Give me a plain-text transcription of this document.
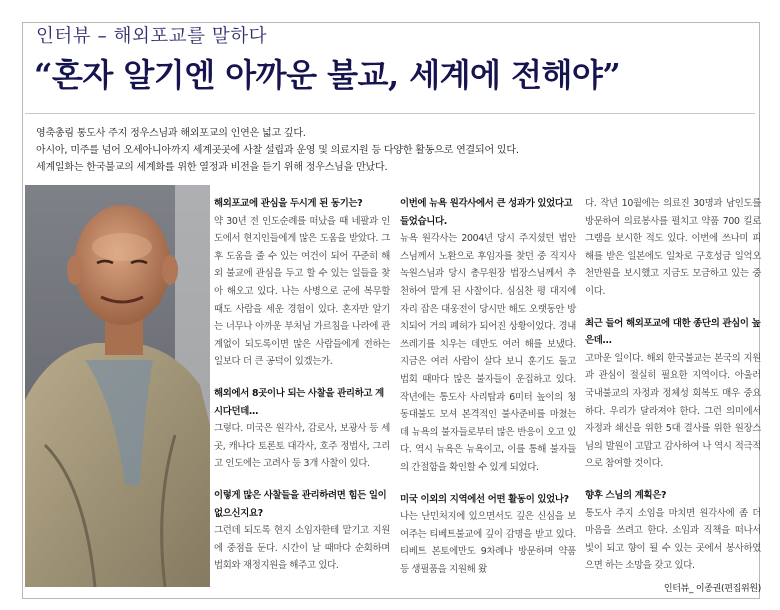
인터뷰 – 해외포교를 말하다
“혼자 알기엔 아까운 불교, 세계에 전해야”
영축총림 통도사 주지 정우스님과 해외포교의 인연은 넓고 깊다.
아시아, 미주를 넘어 오세아니아까지 세계곳곳에 사찰 설립과 운영 및 의료지원 등 다양한 활동으로 연결되어 있다.
세계일화는 한국불교의 세계화를 위한 열정과 비전을 듣기 위해 정우스님을 만났다.
해외포교에 관심을 두시게 된 동기는?
약 30년 전 인도순례를 떠났을 때 네팔과 인도에서 현지인들에게 많은 도움을 받았다. 그 후 도움을 줄 수 있는 여건이 되어 꾸준히 해외 불교에 관심을 두고 할 수 있는 일들을 찾아 해오고 있다. 나는 사병으로 군에 복무할 때도 사람을 세운 경험이 있다. 혼자만 알기는 너무나 아까운 부처님 가르침을 나라에 관계없이 되도록이면 많은 사람들에게 전하는 일보다 더 큰 공덕이 있겠는가.
해외에서 8곳이나 되는 사찰을 관리하고 계시다던데…
그렇다. 미국은 원각사, 감로사, 보광사 등 세 곳, 캐나다 토론토 대각사, 호주 정법사, 그리고 인도에는 고려사 등 3개 사찰이 있다.
이렇게 많은 사찰들을 관리하려면 힘든 일이 없으신지요?
그런데 되도록 현지 소임자한테 맡기고 지원에 중점을 둔다. 시간이 날 때마다 순회하며 법회와 재정지원을 해주고 있다.
이번에 뉴욕 원각사에서 큰 성과가 있었다고 들었습니다.
뉴욕 원각사는 2004년 당시 주지셨던 법안스님께서 노환으로 후임자를 찾던 중 직지사 녹원스님과 당시 총무원장 법장스님께서 추천하여 맡게 된 사찰이다. 심심찬 평 대지에 자리 잡은 대웅전이 당시만 해도 오랫동안 방치되어 거의 폐허가 되어진 상황이었다. 경내 쓰레기를 치우는 데만도 여러 해를 보냈다. 지금은 여러 사람이 살다 보니 훈기도 돌고 법회 때마다 많은 불자들이 운집하고 있다. 작년에는 통도사 사리탑과 6미터 높이의 청동대불도 모셔 본격적인 불사준비를 마쳤는데 뉴욕의 불자들로부터 많은 반응이 오고 있다. 역시 뉴욕은 뉴욕이고, 이를 통해 불자들의 간절함을 확인할 수 있게 되었다.
미국 이외의 지역에선 어떤 활동이 있었나?
나는 난민처지에 있으면서도 깊은 신심을 보여주는 티베트불교에 깊이 감명을 받고 있다. 티베트 본토에만도 9차례나 방문하며 약품 등 생필품을 지원해 왔
다. 작년 10월에는 의료진 30명과 남인도를 방문하여 의료봉사를 펼치고 약품 700 킬로그램을 보시한 적도 있다. 이번에 쓰나미 피해를 받은 일본에도 일차로 구호성금 일억오천만원을 보시했고 지금도 모금하고 있는 중이다.
최근 들어 해외포교에 대한 종단의 관심이 높은데…
고마운 일이다. 해외 한국불교는 본국의 지원과 관심이 절실히 필요한 지역이다. 아울러 국내불교의 자정과 정체성 회복도 매우 중요하다. 우리가 달라져야 한다. 그런 의미에서 자정과 쇄신을 위한 5대 결사를 위한 원장스님의 발원이 고맙고 감사하여 나 역시 적극적으로 참여할 것이다.
향후 스님의 계획은?
통도사 주지 소임을 마치면 원각사에 좀 더 마음을 쓰려고 한다. 소임과 직책을 떠나서 빛이 되고 향이 될 수 있는 곳에서 봉사하였으면 하는 소망을 갖고 있다.
인터뷰_ 이종권(편집위원)
